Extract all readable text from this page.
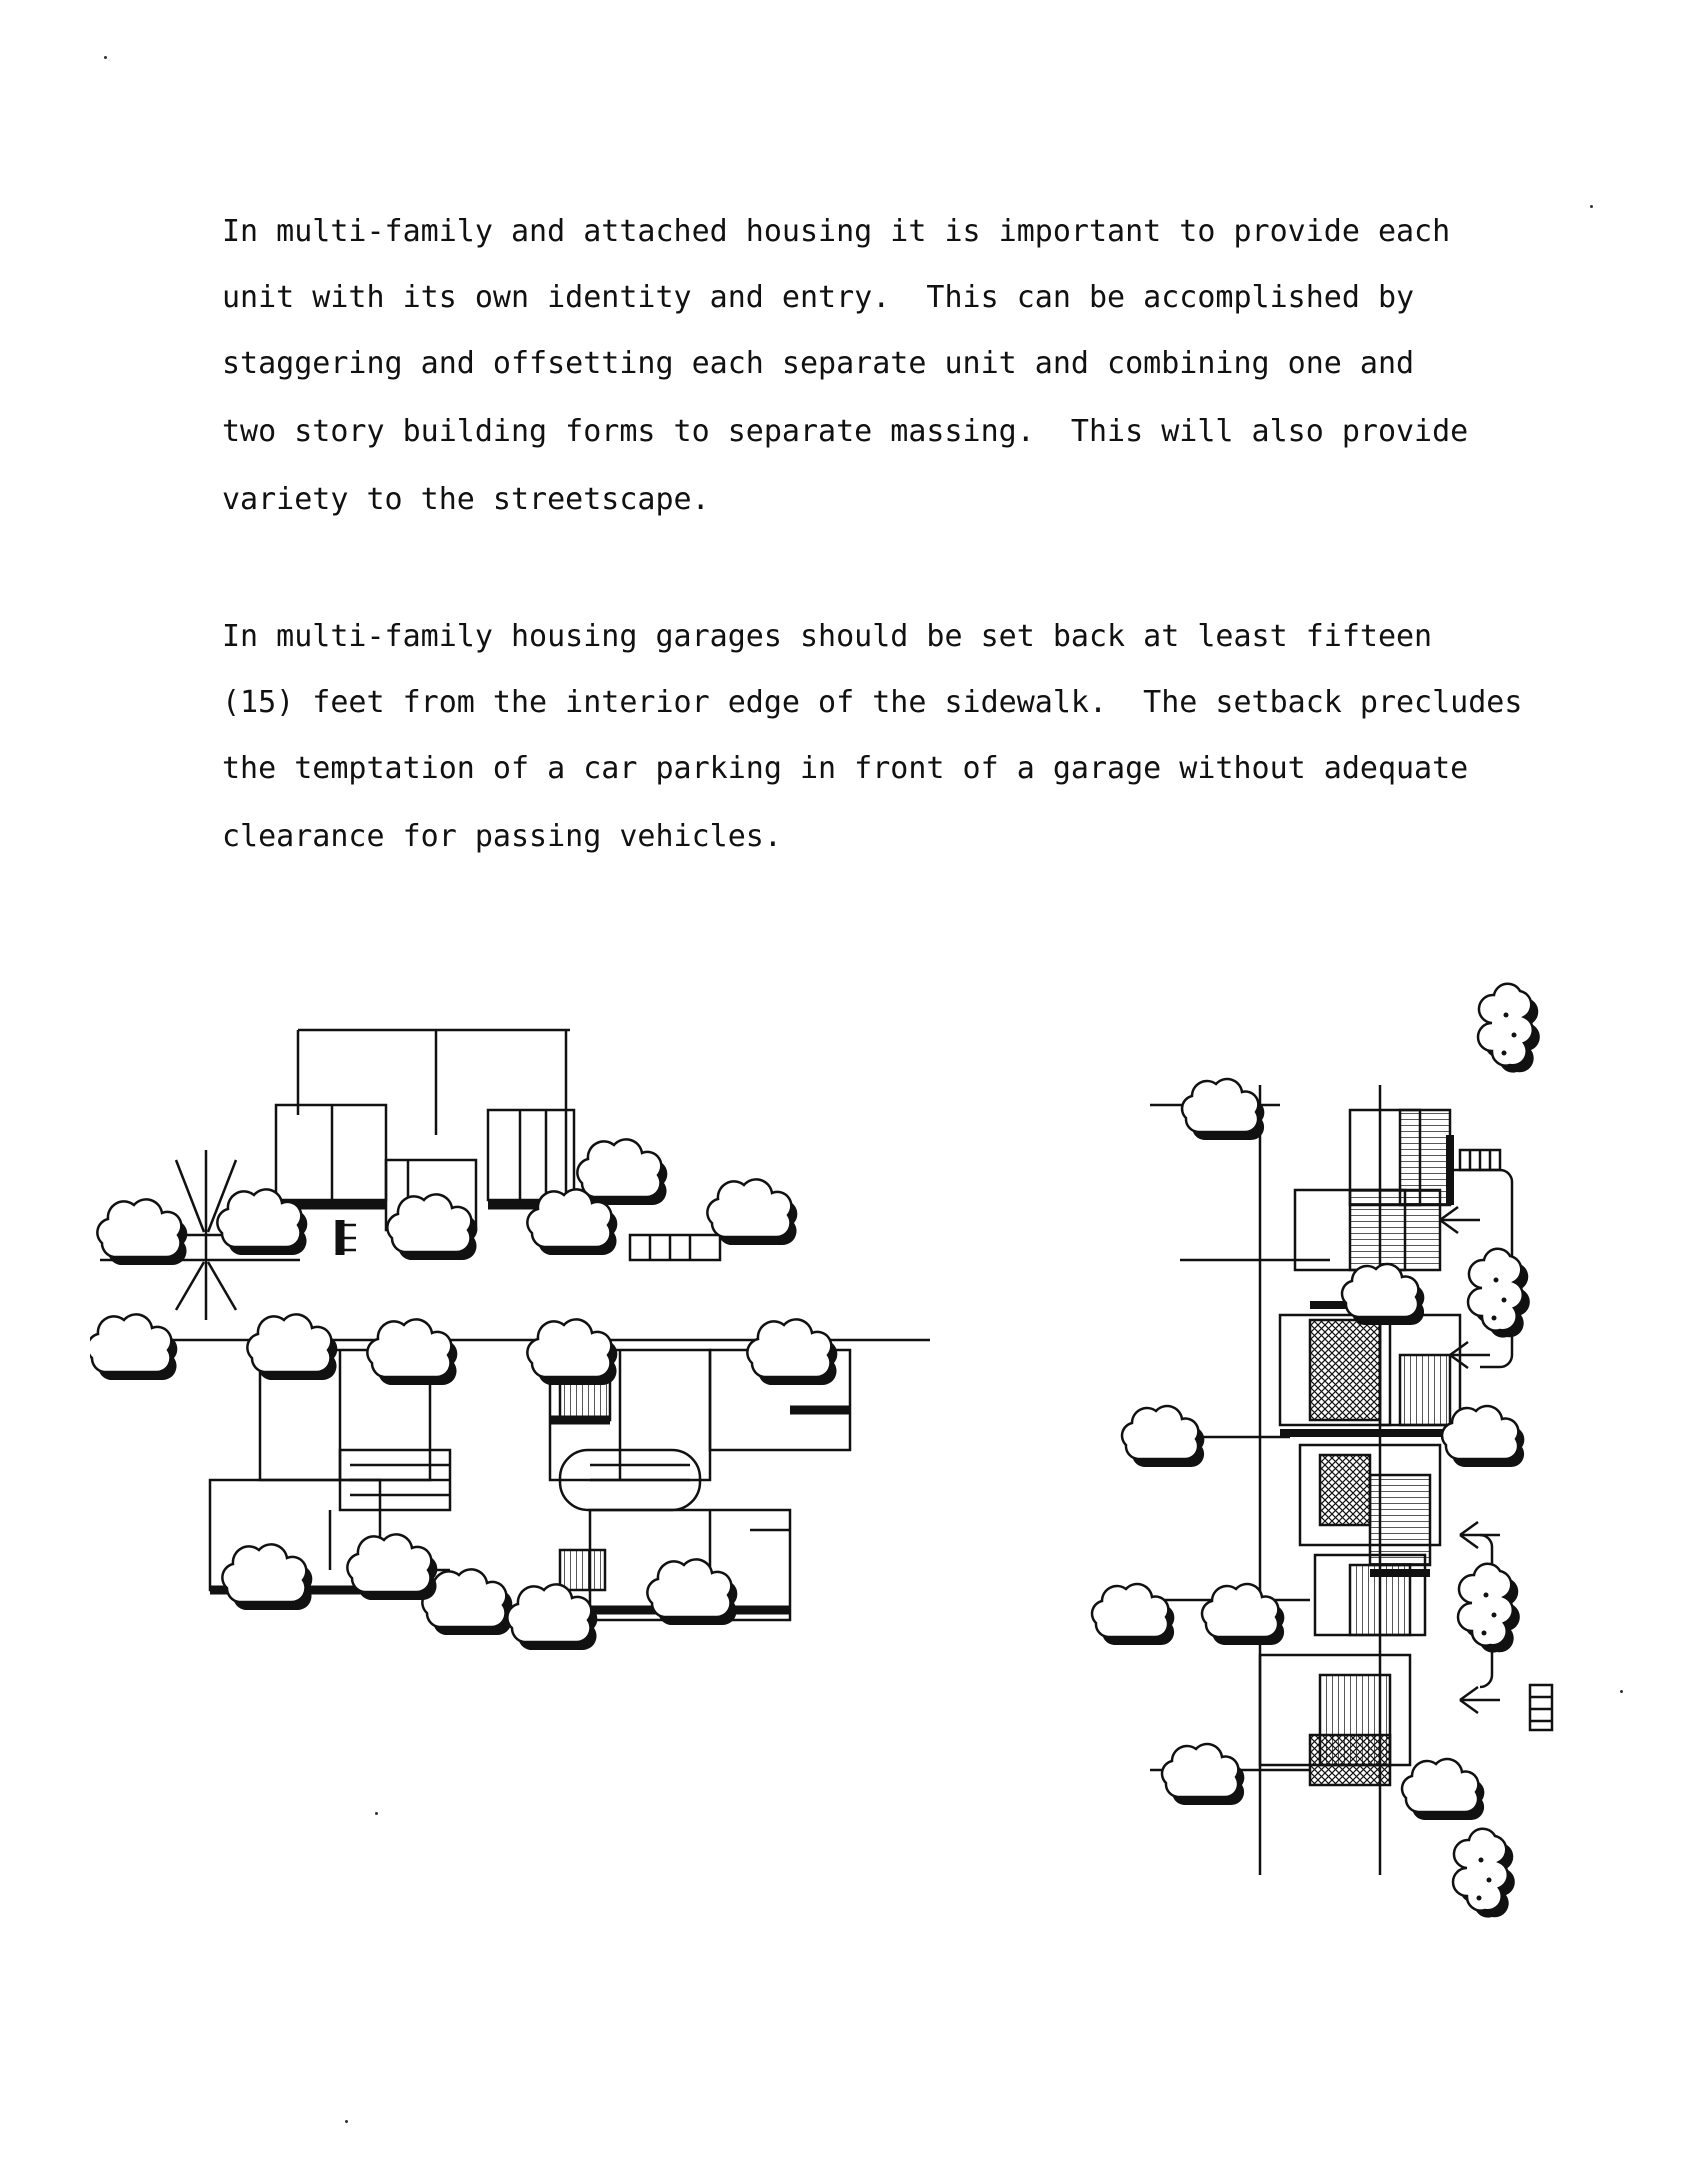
In multi-family and attached housing it is important to provide each
unit with its own identity and entry.  This can be accomplished by
staggering and offsetting each separate unit and combining one and
two story building forms to separate massing.  This will also provide
variety to the streetscape.
In multi-family housing garages should be set back at least fifteen
(15) feet from the interior edge of the sidewalk.  The setback precludes
the temptation of a car parking in front of a garage without adequate
clearance for passing vehicles.
